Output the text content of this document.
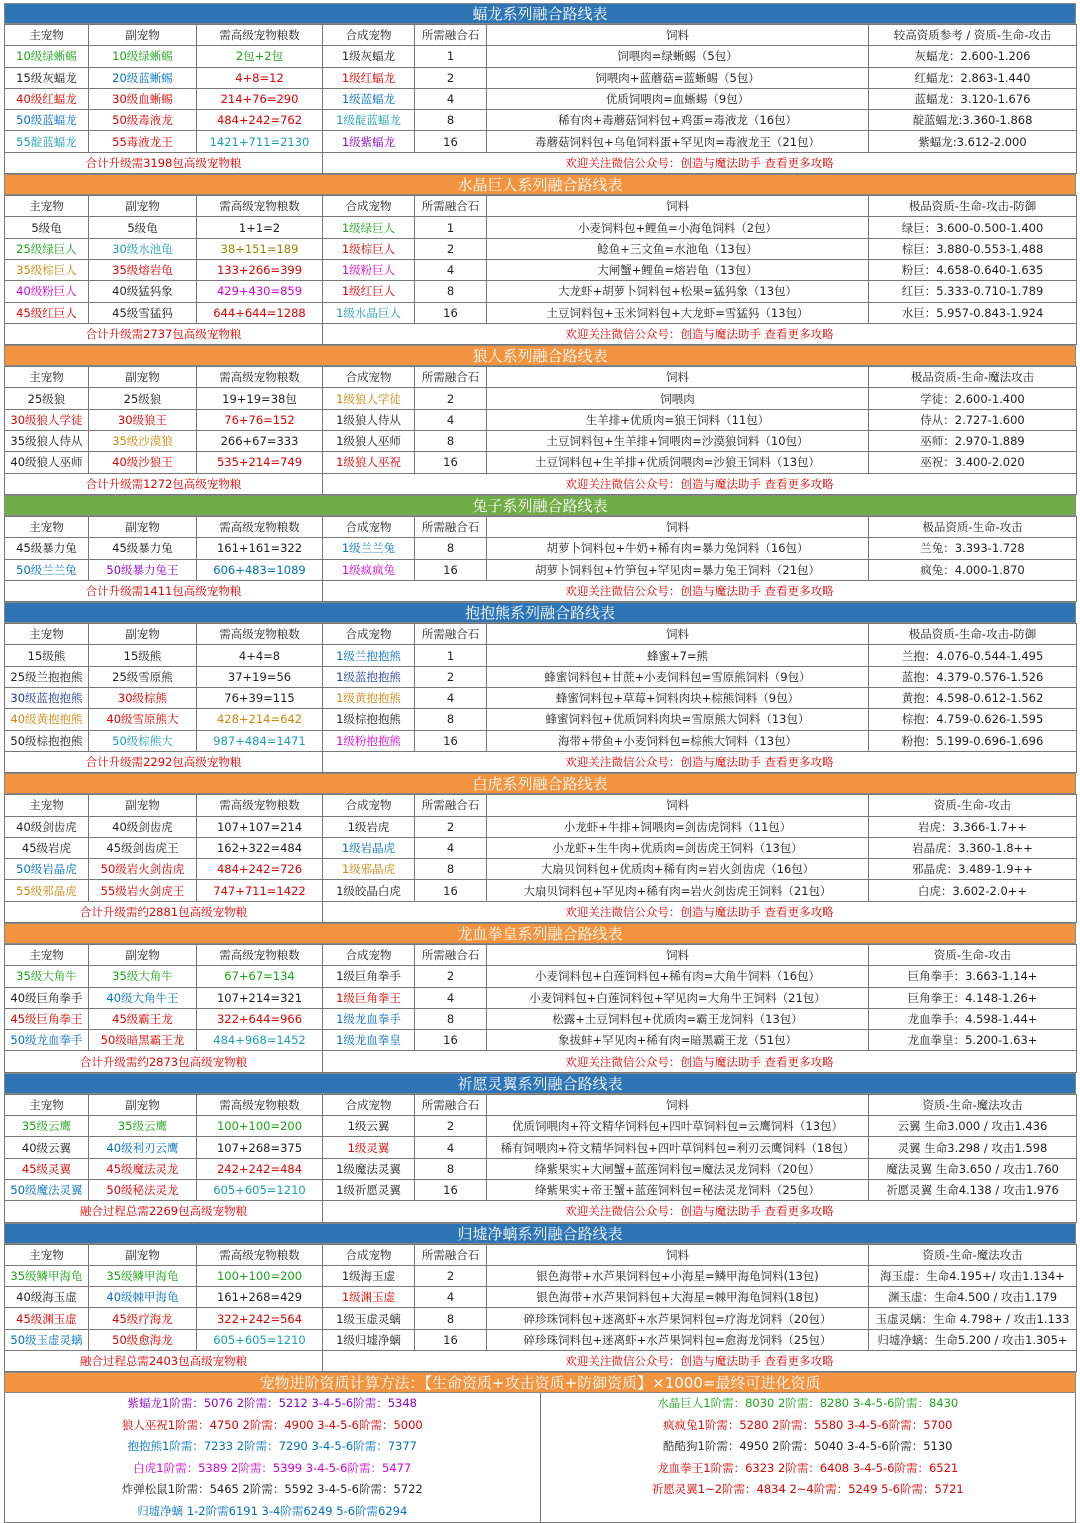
蝠龙系列融合路线表
主宠物	副宠物	需高级宠物粮数	合成宠物	所需融合石	饲料	较高资质参考 / 资质-生命-攻击
10级绿蜥蜴	10级绿蜥蜴	2包+2包	1级灰蝠龙	1	饲喂肉=绿蜥蜴（5包）	灰蝠龙：2.600-1.206
15级灰蝠龙	20级蓝蜥蜴	4+8=12	1级红蝠龙	2	饲喂肉+蓝蘑菇=蓝蜥蜴（5包）	红蝠龙：2.863-1.440
40级红蝠龙	30级血蜥蜴	214+76=290	1级蓝蝠龙	4	优质饲喂肉=血蜥蜴（9包）	蓝蝠龙：3.120-1.676
50级蓝蝠龙	50级毒液龙	484+242=762	1级靛蓝蝠龙	8	稀有肉+毒蘑菇饲料包+鸡蛋=毒液龙（16包）	靛蓝蝠龙:3.360-1.868
55靛蓝蝠龙	55毒液龙王	1421+711=2130	1级紫蝠龙	16	毒蘑菇饲料包+乌龟饲料蛋+罕见肉=毒液龙王（21包）	紫蝠龙:3.612-2.000
合计升级需3198包高级宠物粮			欢迎关注微信公众号：创造与魔法助手 查看更多攻略			
水晶巨人系列融合路线表
主宠物	副宠物	需高级宠物粮数	合成宠物	所需融合石	饲料	极品资质-生命-攻击-防御
5级龟	5级龟	1+1=2	1级绿巨人	1	小麦饲料包+鲤鱼=小海龟饲料（2包）	绿巨：3.600-0.500-1.400
25级绿巨人	30级水池龟	38+151=189	1级棕巨人	2	鲶鱼+三文鱼=水池龟（13包）	棕巨：3.880-0.553-1.488
35级棕巨人	35级熔岩龟	133+266=399	1级粉巨人	4	大闸蟹+鲤鱼=熔岩龟（13包）	粉巨：4.658-0.640-1.635
40级粉巨人	40级猛犸象	429+430=859	1级红巨人	8	大龙虾+胡萝卜饲料包+松果=猛犸象（13包）	红巨：5.333-0.710-1.789
45级红巨人	45级雪猛犸	644+644=1288	1级水晶巨人	16	土豆饲料包+玉米饲料包+大龙虾=雪猛犸（13包）	水巨：5.957-0.843-1.924
合计升级需2737包高级宠物粮			欢迎关注微信公众号：创造与魔法助手 查看更多攻略			
狼人系列融合路线表
主宠物	副宠物	需高级宠物粮数	合成宠物	所需融合石	饲料	极品资质-生命-魔法攻击
25级狼	25级狼	19+19=38包	1级狼人学徒	2	饲喂肉	学徒：2.600-1.400
30级狼人学徒	30级狼王	76+76=152	1级狼人侍从	4	生羊排+优质肉=狼王饲料（11包）	侍从：2.727-1.600
35级狼人侍从	35级沙漠狼	266+67=333	1级狼人巫师	8	土豆饲料包+生羊排+饲喂肉=沙漠狼饲料（10包）	巫师：2.970-1.889
40级狼人巫师	40级沙狼王	535+214=749	1级狼人巫祝	16	土豆饲料包+生羊排+优质饲喂肉=沙狼王饲料（13包）	巫祝：3.400-2.020
合计升级需1272包高级宠物粮			欢迎关注微信公众号：创造与魔法助手 查看更多攻略			
兔子系列融合路线表
主宠物	副宠物	需高级宠物粮数	合成宠物	所需融合石	饲料	极品资质-生命-攻击
45级暴力兔	45级暴力兔	161+161=322	1级兰兰兔	8	胡萝卜饲料包+牛奶+稀有肉=暴力兔饲料（16包）	兰兔：3.393-1.728
50级兰兰兔	50级暴力兔王	606+483=1089	1级疯疯兔	16	胡萝卜饲料包+竹笋包+罕见肉=暴力兔王饲料（21包）	疯兔：4.000-1.870
合计升级需1411包高级宠物粮			欢迎关注微信公众号：创造与魔法助手 查看更多攻略			
抱抱熊系列融合路线表
主宠物	副宠物	需高级宠物粮数	合成宠物	所需融合石	饲料	极品资质-生命-攻击-防御
15级熊	15级熊	4+4=8	1级兰抱抱熊	1	蜂蜜+7=熊	兰抱：4.076-0.544-1.495
25级兰抱抱熊	25级雪原熊	37+19=56	1级蓝抱抱熊	2	蜂蜜饲料包+甘蔗+小麦饲料包=雪原熊饲料（9包）	蓝抱：4.379-0.576-1.526
30级蓝抱抱熊	30级棕熊	76+39=115	1级黄抱抱熊	4	蜂蜜饲料包+草莓+饲料肉块+棕熊饲料（9包）	黄抱：4.598-0.612-1.562
40级黄抱抱熊	40级雪原熊大	428+214=642	1级棕抱抱熊	8	蜂蜜饲料包+优质饲料肉块=雪原熊大饲料（13包）	棕抱：4.759-0.626-1.595
50级棕抱抱熊	50级棕熊大	987+484=1471	1级粉抱抱熊	16	海带+带鱼+小麦饲料包=棕熊大饲料（13包）	粉抱：5.199-0.696-1.696
合计升级需2292包高级宠物粮			欢迎关注微信公众号：创造与魔法助手 查看更多攻略			
白虎系列融合路线表
主宠物	副宠物	需高级宠物粮数	合成宠物	所需融合石	饲料	资质-生命-攻击
40级剑齿虎	40级剑齿虎	107+107=214	1级岩虎	2	小龙虾+牛排+饲喂肉=剑齿虎饲料（11包）	岩虎：3.366-1.7++
45级岩虎	45级剑齿虎王	162+322=484	1级岩晶虎	4	小龙虾+生牛肉+优质肉=剑齿虎王饲料（13包）	岩晶虎：3.360-1.8++
50级岩晶虎	50级岩火剑齿虎	484+242=726	1级邪晶虎	8	大扇贝饲料包+优质肉+稀有肉=岩火剑齿虎（16包）	邪晶虎：3.489-1.9++
55级邪晶虎	55级岩火剑虎王	747+711=1422	1级皎晶白虎	16	大扇贝饲料包+罕见肉+稀有肉=岩火剑齿虎王饲料（21包）	白虎：3.602-2.0++
合计升级需约2881包高级宠物粮			欢迎关注微信公众号：创造与魔法助手 查看更多攻略			
龙血拳皇系列融合路线表
主宠物	副宠物	需高级宠物粮数	合成宠物	所需融合石	饲料	资质-生命-攻击
35级大角牛	35级大角牛	67+67=134	1级巨角拳手	2	小麦饲料包+白莲饲料包+稀有肉=大角牛饲料（16包）	巨角拳手：3.663-1.14+
40级巨角拳手	40级大角牛王	107+214=321	1级巨角拳王	4	小麦饲料包+白莲饲料包+罕见肉=大角牛王饲料（21包）	巨角拳王：4.148-1.26+
45级巨角拳王	45级霸王龙	322+644=966	1级龙血拳手	8	松露+土豆饲料包+优质肉=霸王龙饲料（13包）	龙血拳手：4.598-1.44+
50级龙血拳手	50级暗黑霸王龙	484+968=1452	1级龙血拳皇	16	象拔蚌+罕见肉+稀有肉=暗黑霸王龙（51包）	龙血拳皇：5.200-1.63+
合计升级需约2873包高级宠物粮			欢迎关注微信公众号：创造与魔法助手 查看更多攻略			
祈愿灵翼系列融合路线表
主宠物	副宠物	需高级宠物粮数	合成宠物	所需融合石	饲料	资质-生命-魔法攻击
35级云鹰	35级云鹰	100+100=200	1级云翼	2	优质饲喂肉+符文精华饲料包+四叶草饲料包=云鹰饲料（13包）	云翼 生命3.000 / 攻击1.436
40级云翼	40级利刃云鹰	107+268=375	1级灵翼	4	稀有饲喂肉+符文精华饲料包+四叶草饲料包=利刃云鹰饲料（18包）	灵翼 生命3.298 / 攻击1.598
45级灵翼	45级魔法灵龙	242+242=484	1级魔法灵翼	8	绛紫果实+大闸蟹+蓝莲饲料包=魔法灵龙饲料（20包）	魔法灵翼 生命3.650 / 攻击1.760
50级魔法灵翼	50级秘法灵龙	605+605=1210	1级祈愿灵翼	16	绛紫果实+帝王蟹+蓝莲饲料包=秘法灵龙饲料（25包）	祈愿灵翼 生命4.138 / 攻击1.976
融合过程总需2269包高级宠物粮			欢迎关注微信公众号：创造与魔法助手 查看更多攻略			
归墟净螭系列融合路线表
主宠物	副宠物	需高级宠物粮数	合成宠物	所需融合石	饲料	资质-生命-魔法攻击
35级鳞甲海龟	35级鳞甲海龟	100+100=200	1级海玉虚	2	银色海带+水芦果饲料包+小海星=鳞甲海龟饲料(13包)	海玉虚：生命4.195+/ 攻击1.134+
40级海玉虚	40级棘甲海龟	161+268=429	1级渊玉虚	4	银色海带+水芦果饲料包+大海星=棘甲海龟饲料(18包)	渊玉虚：生命4.500 / 攻击1.179
45级渊玉虚	45级疗海龙	322+242=564	1级玉虚灵螭	8	碎珍珠饲料包+迷离虾+水芦果饲料包=疗海龙饲料（20包）	玉虚灵螭：生命 4.798+ / 攻击1.133
50级玉虚灵螭	50级愈海龙	605+605=1210	1级归墟净螭	16	碎珍珠饲料包+迷离虾+水芦果饲料包=愈海龙饲料（25包）	归墟净螭：生命5.200 / 攻击1.305+
融合过程总需2403包高级宠物粮			欢迎关注微信公众号：创造与魔法助手 查看更多攻略			
宠物进阶资质计算方法：【生命资质+攻击资质+防御资质】×1000=最终可进化资质
紫蝠龙1阶需：5076 2阶需：5212 3-4-5-6阶需：5348
狼人巫祝1阶需：4750 2阶需：4900 3-4-5-6阶需：5000
抱抱熊1阶需：7233 2阶需：7290 3-4-5-6阶需：7377
白虎1阶需：5389 2阶需：5399 3-4-5-6阶需：5477
炸弹松鼠1阶需：5465 2阶需：5592 3-4-5-6阶需：5722
归墟净螭 1-2阶需6191 3-4阶需6249 5-6阶需6294
水晶巨人1阶需：8030 2阶需：8280 3-4-5-6阶需：8430
疯疯兔1阶需：5280 2阶需：5580 3-4-5-6阶需：5700
酷酷狗1阶需：4950 2阶需：5040 3-4-5-6阶需：5130
龙血拳王1阶需：6323 2阶需：6408 3-4-5-6阶需：6521
祈愿灵翼1~2阶需：4834 2~4阶需：5249 5-6阶需：5721
